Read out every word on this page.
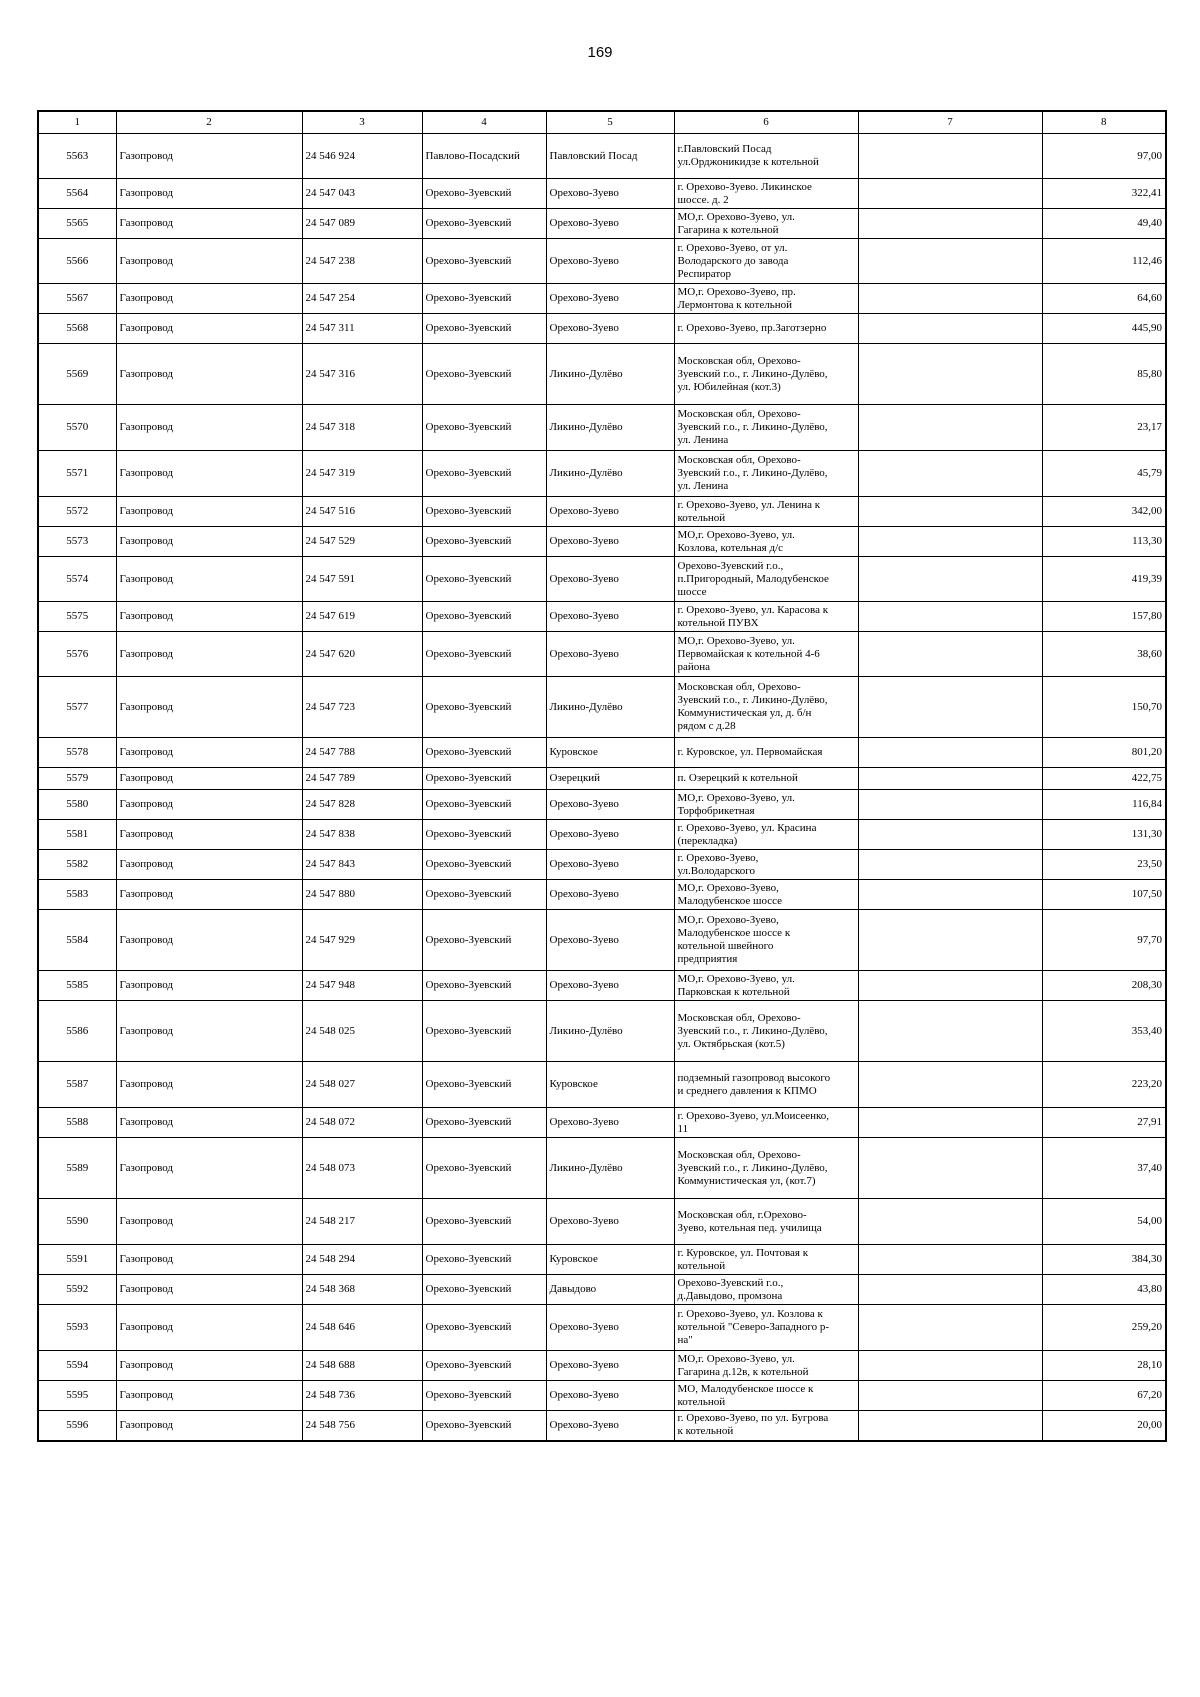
169
1	2	3	4	5	6	7	8
5563	Газопровод	24 546 924	Павлово-Посадский	Павловский Посад	г.Павловский Посад
ул.Орджоникидзе к котельной		97,00
5564	Газопровод	24 547 043	Орехово-Зуевский	Орехово-Зуево	г. Орехово-Зуево. Ликинское
шоссе. д. 2		322,41
5565	Газопровод	24 547 089	Орехово-Зуевский	Орехово-Зуево	МО,г. Орехово-Зуево, ул.
Гагарина к котельной		49,40
5566	Газопровод	24 547 238	Орехово-Зуевский	Орехово-Зуево	г. Орехово-Зуево, от ул.
Володарского до завода
Респиратор		112,46
5567	Газопровод	24 547 254	Орехово-Зуевский	Орехово-Зуево	МО,г. Орехово-Зуево, пр.
Лермонтова к котельной		64,60
5568	Газопровод	24 547 311	Орехово-Зуевский	Орехово-Зуево	г. Орехово-Зуево, пр.Заготзерно		445,90
5569	Газопровод	24 547 316	Орехово-Зуевский	Ликино-Дулёво	Московская обл, Орехово-
Зуевский г.о., г. Ликино-Дулёво,
ул. Юбилейная (кот.3)		85,80
5570	Газопровод	24 547 318	Орехово-Зуевский	Ликино-Дулёво	Московская обл, Орехово-
Зуевский г.о., г. Ликино-Дулёво,
ул. Ленина		23,17
5571	Газопровод	24 547 319	Орехово-Зуевский	Ликино-Дулёво	Московская обл, Орехово-
Зуевский г.о., г. Ликино-Дулёво,
ул. Ленина		45,79
5572	Газопровод	24 547 516	Орехово-Зуевский	Орехово-Зуево	г. Орехово-Зуево, ул. Ленина к
котельной		342,00
5573	Газопровод	24 547 529	Орехово-Зуевский	Орехово-Зуево	МО,г. Орехово-Зуево, ул.
Козлова, котельная д/с		113,30
5574	Газопровод	24 547 591	Орехово-Зуевский	Орехово-Зуево	Орехово-Зуевский г.о.,
п.Пригородный, Малодубенское
шоссе		419,39
5575	Газопровод	24 547 619	Орехово-Зуевский	Орехово-Зуево	г. Орехово-Зуево, ул. Карасова к
котельной ПУВХ		157,80
5576	Газопровод	24 547 620	Орехово-Зуевский	Орехово-Зуево	МО,г. Орехово-Зуево, ул.
Первомайская к котельной 4-6
района		38,60
5577	Газопровод	24 547 723	Орехово-Зуевский	Ликино-Дулёво	Московская обл, Орехово-
Зуевский г.о., г. Ликино-Дулёво,
Коммунистическая ул, д. б/н
рядом с д.28		150,70
5578	Газопровод	24 547 788	Орехово-Зуевский	Куровское	г. Куровское, ул. Первомайская		801,20
5579	Газопровод	24 547 789	Орехово-Зуевский	Озерецкий	п. Озерецкий к котельной		422,75
5580	Газопровод	24 547 828	Орехово-Зуевский	Орехово-Зуево	МО,г. Орехово-Зуево, ул.
Торфобрикетная		116,84
5581	Газопровод	24 547 838	Орехово-Зуевский	Орехово-Зуево	г. Орехово-Зуево, ул. Красина
(перекладка)		131,30
5582	Газопровод	24 547 843	Орехово-Зуевский	Орехово-Зуево	г. Орехово-Зуево,
ул.Володарского		23,50
5583	Газопровод	24 547 880	Орехово-Зуевский	Орехово-Зуево	МО,г. Орехово-Зуево,
Малодубенское шоссе		107,50
5584	Газопровод	24 547 929	Орехово-Зуевский	Орехово-Зуево	МО,г. Орехово-Зуево,
Малодубенское шоссе к
котельной швейного
предприятия		97,70
5585	Газопровод	24 547 948	Орехово-Зуевский	Орехово-Зуево	МО,г. Орехово-Зуево, ул.
Парковская к котельной		208,30
5586	Газопровод	24 548 025	Орехово-Зуевский	Ликино-Дулёво	Московская обл, Орехово-
Зуевский г.о., г. Ликино-Дулёво,
ул. Октябрьская (кот.5)		353,40
5587	Газопровод	24 548 027	Орехово-Зуевский	Куровское	подземный газопровод высокого
и среднего давления к КПМО		223,20
5588	Газопровод	24 548 072	Орехово-Зуевский	Орехово-Зуево	г. Орехово-Зуево, ул.Моисеенко,
11		27,91
5589	Газопровод	24 548 073	Орехово-Зуевский	Ликино-Дулёво	Московская обл, Орехово-
Зуевский г.о., г. Ликино-Дулёво,
Коммунистическая ул, (кот.7)		37,40
5590	Газопровод	24 548 217	Орехово-Зуевский	Орехово-Зуево	Московская обл, г.Орехово-
Зуево, котельная пед. училища		54,00
5591	Газопровод	24 548 294	Орехово-Зуевский	Куровское	г. Куровское, ул. Почтовая к
котельной		384,30
5592	Газопровод	24 548 368	Орехово-Зуевский	Давыдово	Орехово-Зуевский г.о.,
д.Давыдово, промзона		43,80
5593	Газопровод	24 548 646	Орехово-Зуевский	Орехово-Зуево	г. Орехово-Зуево, ул. Козлова к
котельной "Северо-Западного р-
на"		259,20
5594	Газопровод	24 548 688	Орехово-Зуевский	Орехово-Зуево	МО,г. Орехово-Зуево, ул.
Гагарина д.12в, к котельной		28,10
5595	Газопровод	24 548 736	Орехово-Зуевский	Орехово-Зуево	МО, Малодубенское шоссе к
котельной		67,20
5596	Газопровод	24 548 756	Орехово-Зуевский	Орехово-Зуево	г. Орехово-Зуево, по ул. Бугрова
к котельной		20,00
